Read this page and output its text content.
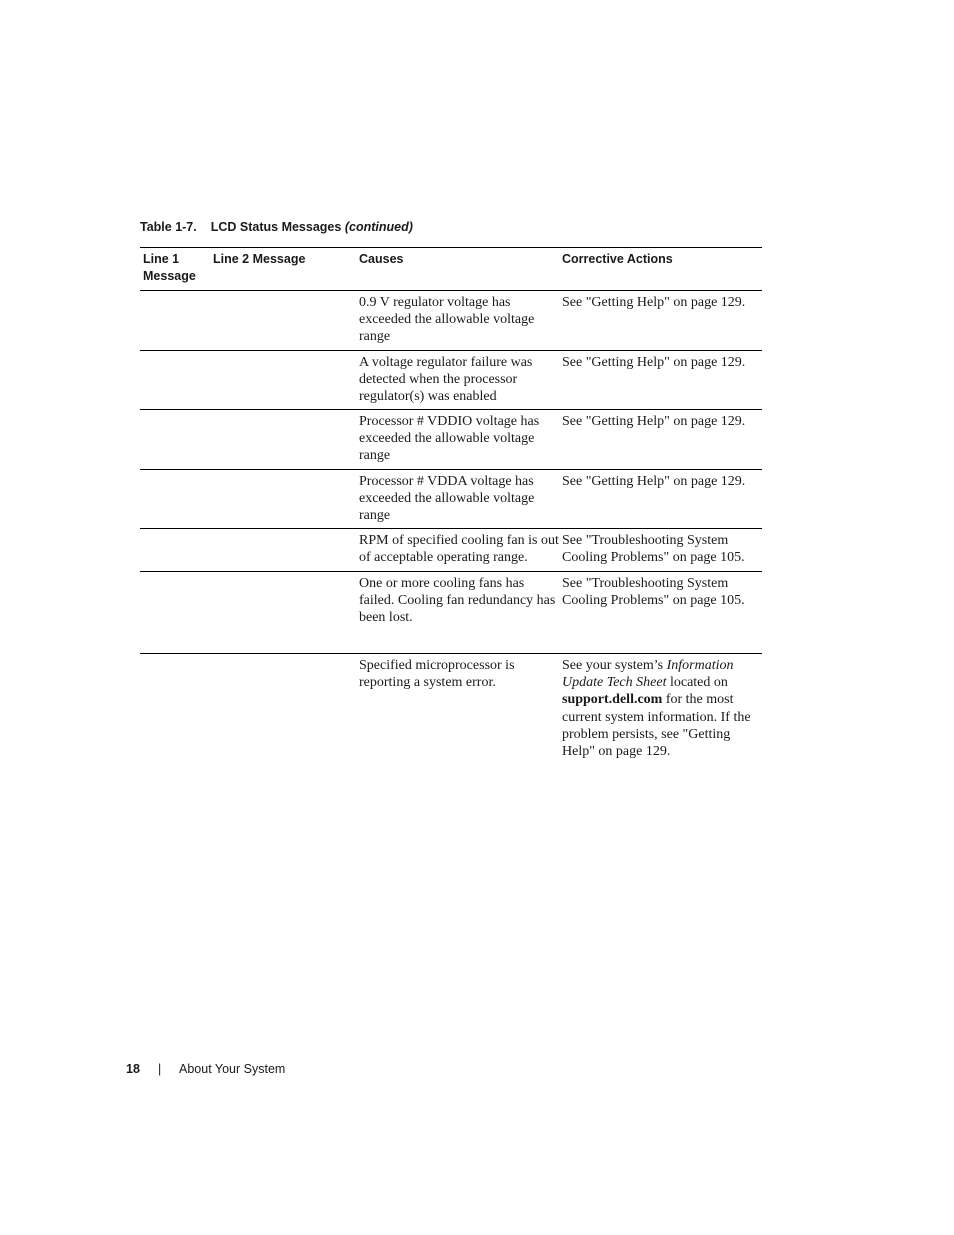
Table 1-7. LCD Status Messages (continued)
Line 1 Message
Line 2 Message	Causes	Corrective Actions
0.9 V regulator voltage has exceeded the allowable voltage range
See "Getting Help" on page 129.
A voltage regulator failure was detected when the processor regulator(s) was enabled
See "Getting Help" on page 129.
Processor # VDDIO voltage has exceeded the allowable voltage range
See "Getting Help" on page 129.
Processor # VDDA voltage has exceeded the allowable voltage range
See "Getting Help" on page 129.
RPM of specified cooling fan is out of acceptable operating range.
See "Troubleshooting System Cooling Problems" on page 105.
One or more cooling fans has failed. Cooling fan redundancy has been lost.
See "Troubleshooting System Cooling Problems" on page 105.
Specified microprocessor is reporting a system error.
See your system’s Information Update Tech Sheet located on support.dell.com for the most current system information. If the problem persists, see "Getting Help" on page 129.
18 | About Your System
